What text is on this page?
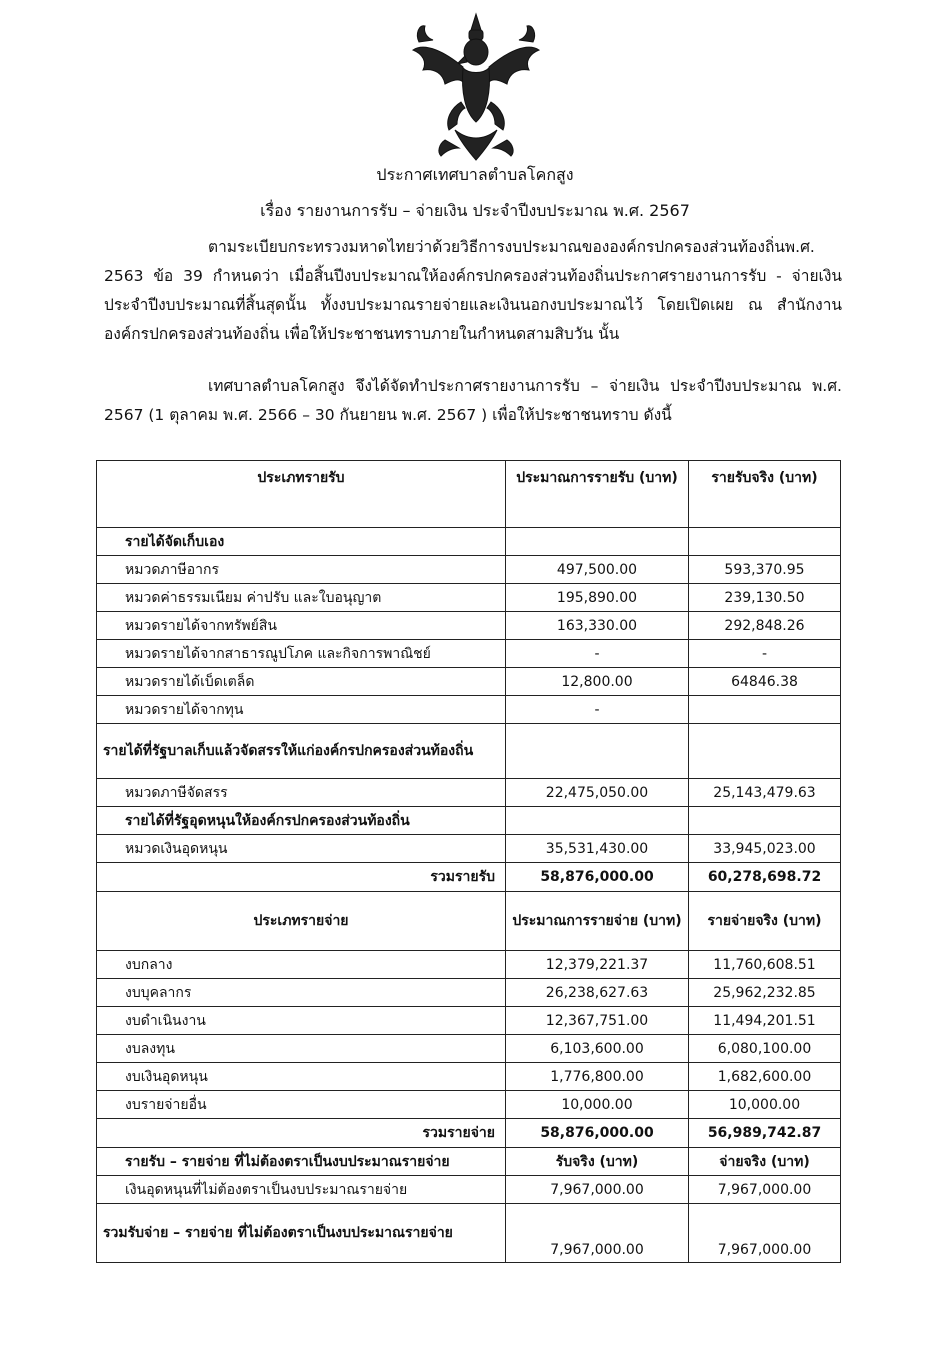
ประกาศเทศบาลตำบลโคกสูง
เรื่อง รายงานการรับ – จ่ายเงิน ประจำปีงบประมาณ พ.ศ. 2567
ตามระเบียบกระทรวงมหาดไทยว่าด้วยวิธีการงบประมาณขององค์กรปกครองส่วนท้องถิ่นพ.ศ. 2563 ข้อ 39 กำหนดว่า เมื่อสิ้นปีงบประมาณให้องค์กรปกครองส่วนท้องถิ่นประกาศรายงานการรับ - จ่ายเงินประจำปีงบประมาณที่สิ้นสุดนั้น ทั้งงบประมาณรายจ่ายและเงินนอกงบประมาณไว้ โดยเปิดเผย ณ สำนักงานองค์กรปกครองส่วนท้องถิ่น เพื่อให้ประชาชนทราบภายในกำหนดสามสิบวัน นั้น
เทศบาลตำบลโคกสูง จึงได้จัดทำประกาศรายงานการรับ – จ่ายเงิน ประจำปีงบประมาณ พ.ศ. 2567 (1 ตุลาคม พ.ศ. 2566 – 30 กันยายน พ.ศ. 2567 ) เพื่อให้ประชาชนทราบ ดังนี้
ประเภทรายรับ	ประมาณการรายรับ (บาท)	รายรับจริง (บาท)
รายได้จัดเก็บเอง		
หมวดภาษีอากร	497,500.00	593,370.95
หมวดค่าธรรมเนียม ค่าปรับ และใบอนุญาต	195,890.00	239,130.50
หมวดรายได้จากทรัพย์สิน	163,330.00	292,848.26
หมวดรายได้จากสาธารณูปโภค และกิจการพาณิชย์	-	-
หมวดรายได้เบ็ดเตล็ด	12,800.00	64846.38
หมวดรายได้จากทุน	-	
รายได้ที่รัฐบาลเก็บแล้วจัดสรรให้แก่องค์กรปกครองส่วนท้องถิ่น		
หมวดภาษีจัดสรร	22,475,050.00	25,143,479.63
รายได้ที่รัฐอุดหนุนให้องค์กรปกครองส่วนท้องถิ่น		
หมวดเงินอุดหนุน	35,531,430.00	33,945,023.00
รวมรายรับ	58,876,000.00	60,278,698.72
ประเภทรายจ่าย	ประมาณการรายจ่าย (บาท)	รายจ่ายจริง (บาท)
งบกลาง	12,379,221.37	11,760,608.51
งบบุคลากร	26,238,627.63	25,962,232.85
งบดำเนินงาน	12,367,751.00	11,494,201.51
งบลงทุน	6,103,600.00	6,080,100.00
งบเงินอุดหนุน	1,776,800.00	1,682,600.00
งบรายจ่ายอื่น	10,000.00	10,000.00
รวมรายจ่าย	58,876,000.00	56,989,742.87
รายรับ – รายจ่าย ที่ไม่ต้องตราเป็นงบประมาณรายจ่าย	รับจริง (บาท)	จ่ายจริง (บาท)
เงินอุดหนุนที่ไม่ต้องตราเป็นงบประมาณรายจ่าย	7,967,000.00	7,967,000.00
รวมรับจ่าย – รายจ่าย ที่ไม่ต้องตราเป็นงบประมาณรายจ่าย	7,967,000.00	7,967,000.00
